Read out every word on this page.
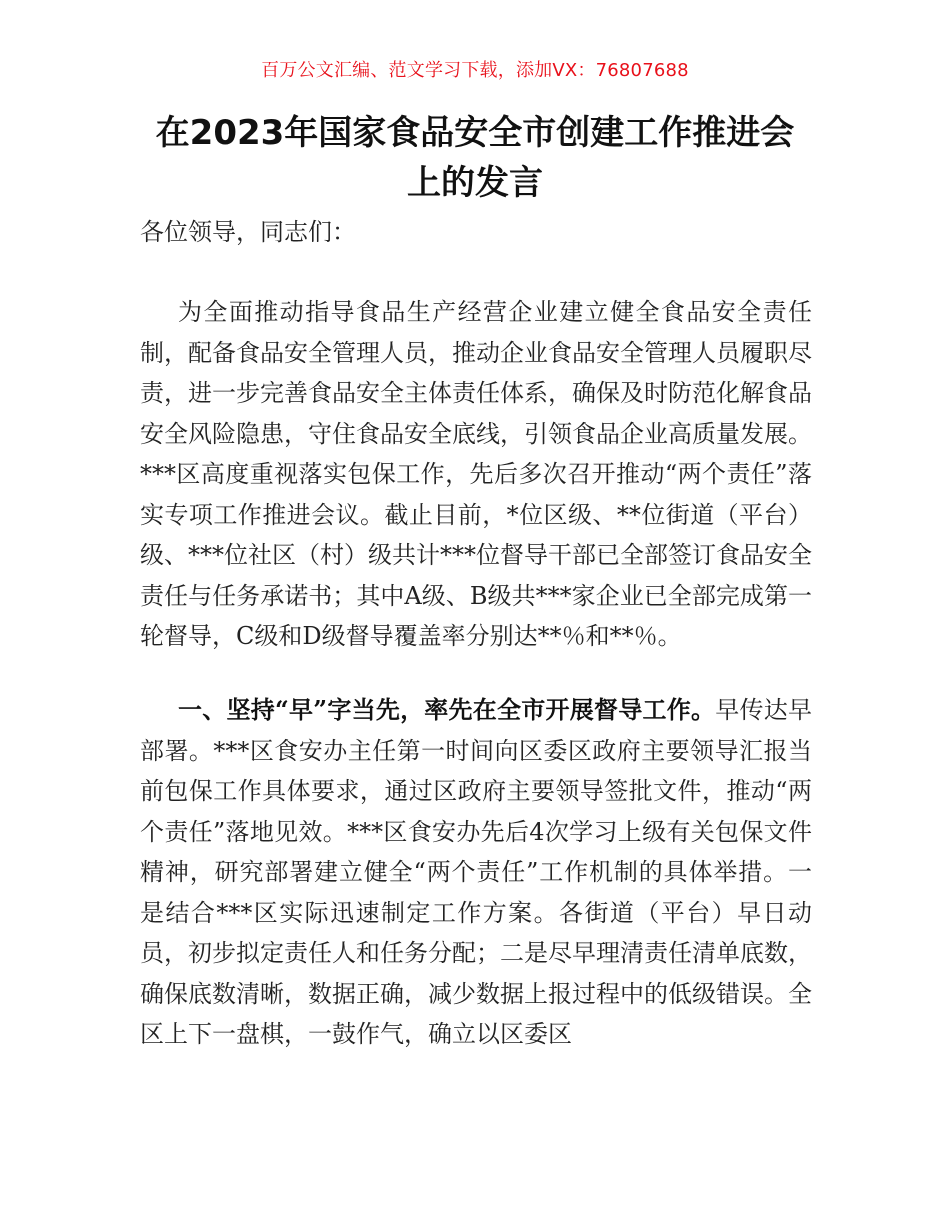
百万公文汇编、范文学习下载，添加VX：76807688
在2023年国家食品安全市创建工作推进会
上的发言
各位领导，同志们：
为全面推动指导食品生产经营企业建立健全食品安全责任制，配备食品安全管理人员，推动企业食品安全管理人员履职尽责，进一步完善食品安全主体责任体系，确保及时防范化解食品安全风险隐患，守住食品安全底线，引领食品企业高质量发展。***区高度重视落实包保工作，先后多次召开推动“两个责任”落实专项工作推进会议。截止目前，*位区级、**位街道（平台）级、***位社区（村）级共计***位督导干部已全部签订食品安全责任与任务承诺书；其中A级、B级共***家企业已全部完成第一轮督导，C级和D级督导覆盖率分别达**％和**％。
一、坚持“早”字当先，率先在全市开展督导工作。早传达早部署。***区食安办主任第一时间向区委区政府主要领导汇报当前包保工作具体要求，通过区政府主要领导签批文件，推动“两个责任”落地见效。***区食安办先后4次学习上级有关包保文件精神，研究部署建立健全“两个责任”工作机制的具体举措。一是结合***区实际迅速制定工作方案。各街道（平台）早日动员，初步拟定责任人和任务分配；二是尽早理清责任清单底数，确保底数清晰，数据正确，减少数据上报过程中的低级错误。全区上下一盘棋，一鼓作气，确立以区委区
